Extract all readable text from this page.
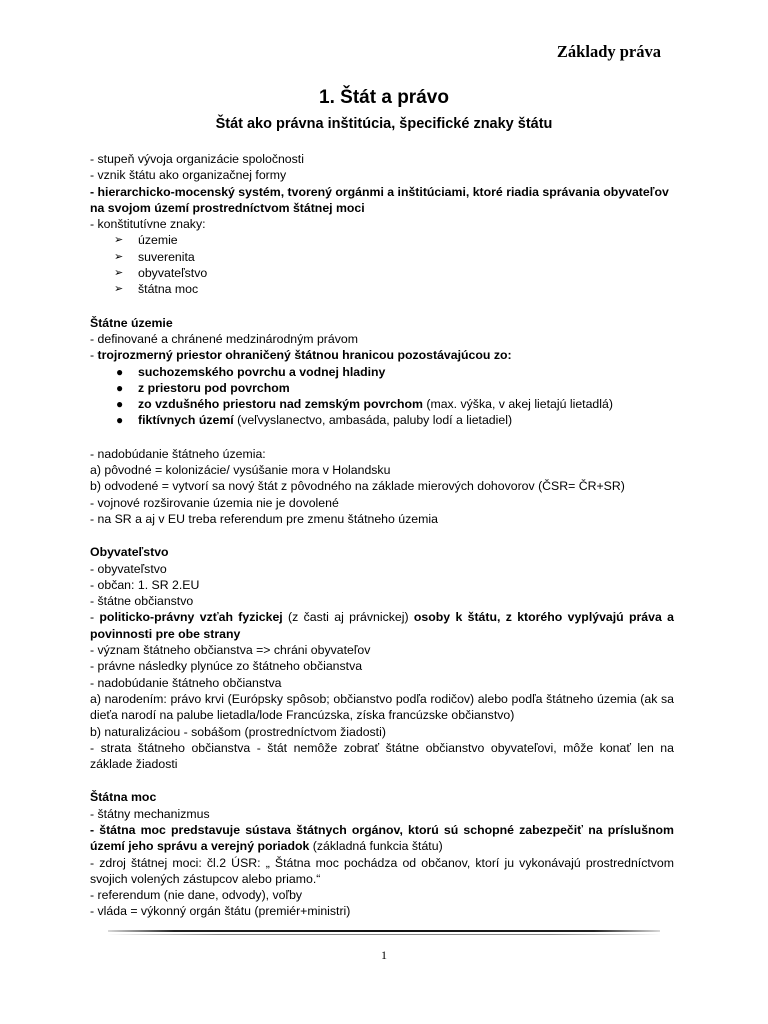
Základy práva
1. Štát a právo
Štát ako právna inštitúcia, špecifické znaky štátu
- stupeň vývoja organizácie spoločnosti
- vznik štátu ako organizačnej formy
- hierarchicko-mocenský systém, tvorený orgánmi a inštitúciami, ktoré riadia správania obyvateľov
na svojom území prostredníctvom štátnej moci
- konštitutívne znaky:
➢ územie
➢ suverenita
➢ obyvateľstvo
➢ štátna moc
Štátne územie
- definované a chránené medzinárodným právom
- trojrozmerný priestor ohraničený štátnou hranicou pozostávajúcou zo:
● suchozemského povrchu a vodnej hladiny
● z priestoru pod povrchom
● zo vzdušného priestoru nad zemským povrchom (max. výška, v akej lietajú lietadlá)
● fiktívnych území (veľvyslanectvo, ambasáda, paluby lodí a lietadiel)
- nadobúdanie štátneho územia:
a) pôvodné = kolonizácie/ vysúšanie mora v Holandsku
b) odvodené = vytvorí sa nový štát z pôvodného na základe mierových dohovorov (ČSR= ČR+SR)
- vojnové rozširovanie územia nie je dovolené
- na SR a aj v EU treba referendum pre zmenu štátneho územia
Obyvateľstvo
- obyvateľstvo
- občan: 1. SR 2.EU
- štátne občianstvo
- politicko-právny vzťah fyzickej (z časti aj právnickej) osoby k štátu, z ktorého vyplývajú práva a povinnosti pre obe strany
- význam štátneho občianstva => chráni obyvateľov
- právne následky plynúce zo štátneho občianstva
- nadobúdanie štátneho občianstva
a) narodením: právo krvi (Európsky spôsob; občianstvo podľa rodičov) alebo podľa štátneho územia (ak sa dieťa narodí na palube lietadla/lode Francúzska, získa francúzske občianstvo)
b) naturalizáciou - sobášom (prostredníctvom žiadosti)
- strata štátneho občianstva - štát nemôže zobrať štátne občianstvo obyvateľovi, môže konať len na základe žiadosti
Štátna moc
- štátny mechanizmus
- štátna moc predstavuje sústava štátnych orgánov, ktorú sú schopné zabezpečiť na príslušnom území jeho správu a verejný poriadok (základná funkcia štátu)
- zdroj štátnej moci: čl.2 ÚSR: „ Štátna moc pochádza od občanov, ktorí ju vykonávajú prostredníctvom svojich volených zástupcov alebo priamo.“
- referendum (nie dane, odvody), voľby
- vláda = výkonný orgán štátu (premiér+ministri)
1
